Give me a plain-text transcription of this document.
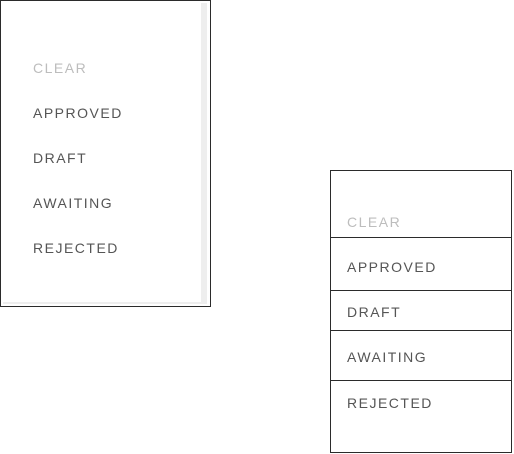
CLEAR
APPROVED
DRAFT
AWAITING
REJECTED
CLEAR
APPROVED
DRAFT
AWAITING
REJECTED
